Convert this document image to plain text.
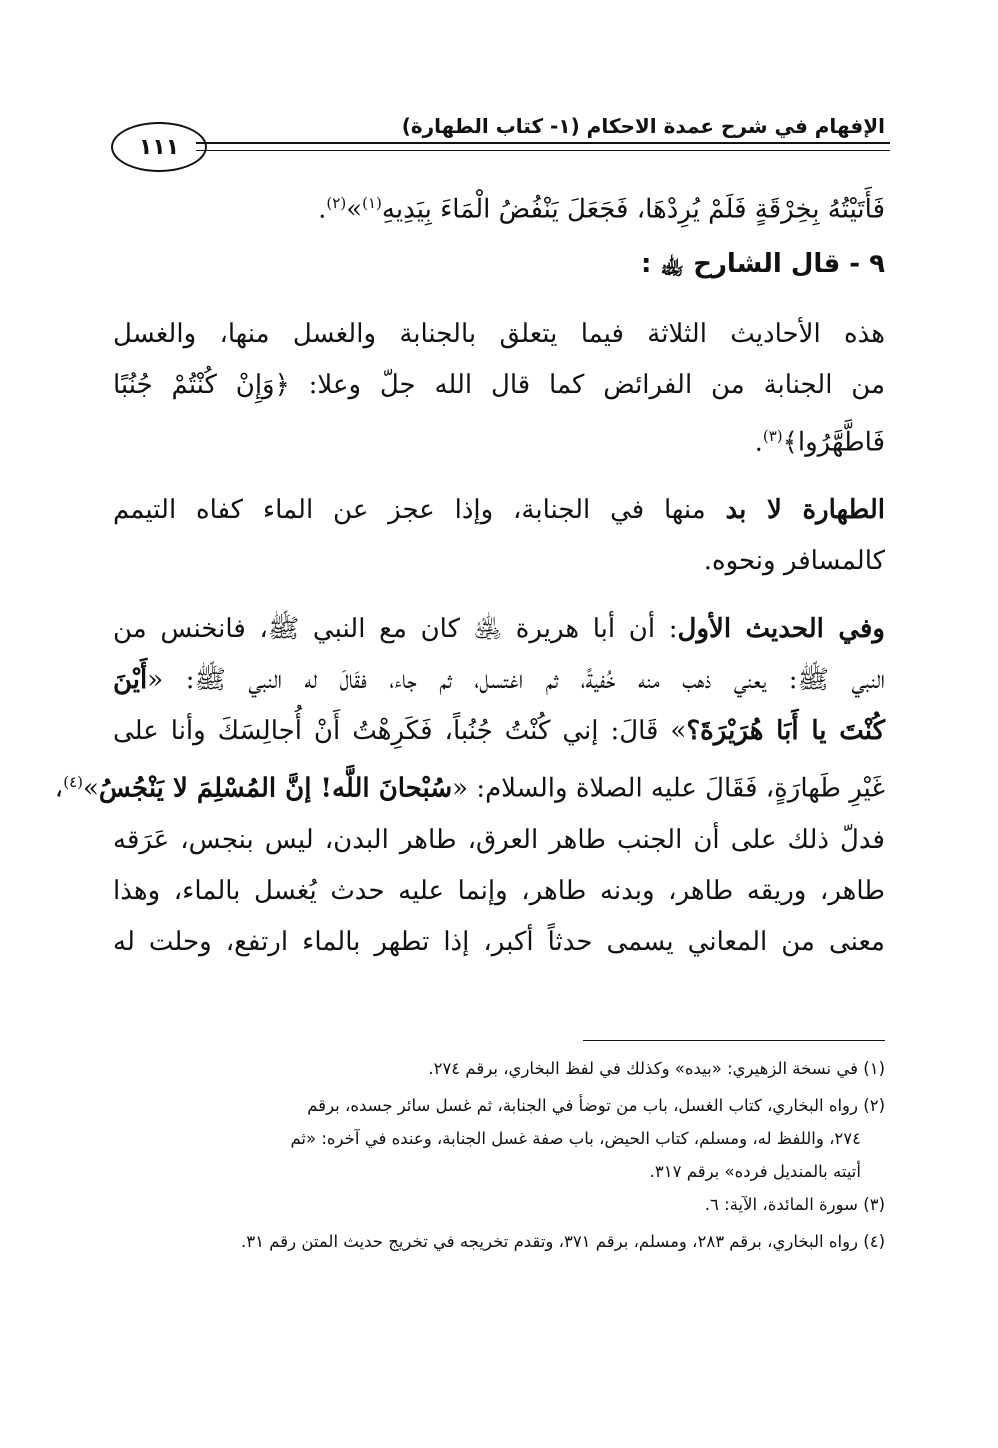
الإفهام في شرح عمدة الاحكام (١- كتاب الطهارة)
١١١
فَأَتَيْتُهُ بِخِرْقَةٍ فَلَمْ يُرِدْهَا، فَجَعَلَ يَنْفُضُ الْمَاءَ بِيَدِيهِ$^{(١)}$»$^{(٢)}$.
٩ - قال الشارح ﵀ :
هذه الأحاديث الثلاثة فيما يتعلق بالجنابة والغسل منها، والغسل
من الجنابة من الفرائض كما قال الله جلّ وعلا: ﴿وَإِنْ كُنْتُمْ جُنُبًا
فَاطَّهَّرُوا﴾$^{(٣)}$.
الطهارة لا بد منها في الجنابة، وإذا عجز عن الماء كفاه التيمم
كالمسافر ونحوه.
وفي الحديث الأول: أن أبا هريرة ﵁ كان مع النبي ﷺ، فانخنس من
النبي ﷺ: يعني ذهب منه خُفيةً، ثم اغتسل، ثم جاء، فقَالَ له النبي ﷺ: «أَيْنَ
كُنْتَ يا أَبَا هُرَيْرَةَ؟» قَالَ: إني كُنْتُ جُنُباً، فَكَرِهْتُ أَنْ أُجالِسَكَ وأنا على
غَيْرِ طَهارَةٍ، فَقَالَ عليه الصلاة والسلام: «سُبْحانَ اللَّه! إنَّ المُسْلِمَ لا يَنْجُسُ»$^{(٤)}$،
فدلّ ذلك على أن الجنب طاهر العرق، طاهر البدن، ليس بنجس، عَرَقه
طاهر، وريقه طاهر، وبدنه طاهر، وإنما عليه حدث يُغسل بالماء، وهذا
معنى من المعاني يسمى حدثاً أكبر، إذا تطهر بالماء ارتفع، وحلت له
(١) في نسخة الزهيري: «بيده» وكذلك في لفظ البخاري، برقم ٢٧٤.
(٢) رواه البخاري، كتاب الغسل، باب من توضأ في الجنابة، ثم غسل سائر جسده، برقم
٢٧٤، واللفظ له، ومسلم، كتاب الحيض، باب صفة غسل الجنابة، وعنده في آخره: «ثم
أتيته بالمنديل فرده» برقم ٣١٧.
(٣) سورة المائدة، الآية: ٦.
(٤) رواه البخاري، برقم ٢٨٣، ومسلم، برقم ٣٧١، وتقدم تخريجه في تخريج حديث المتن رقم ٣١.
